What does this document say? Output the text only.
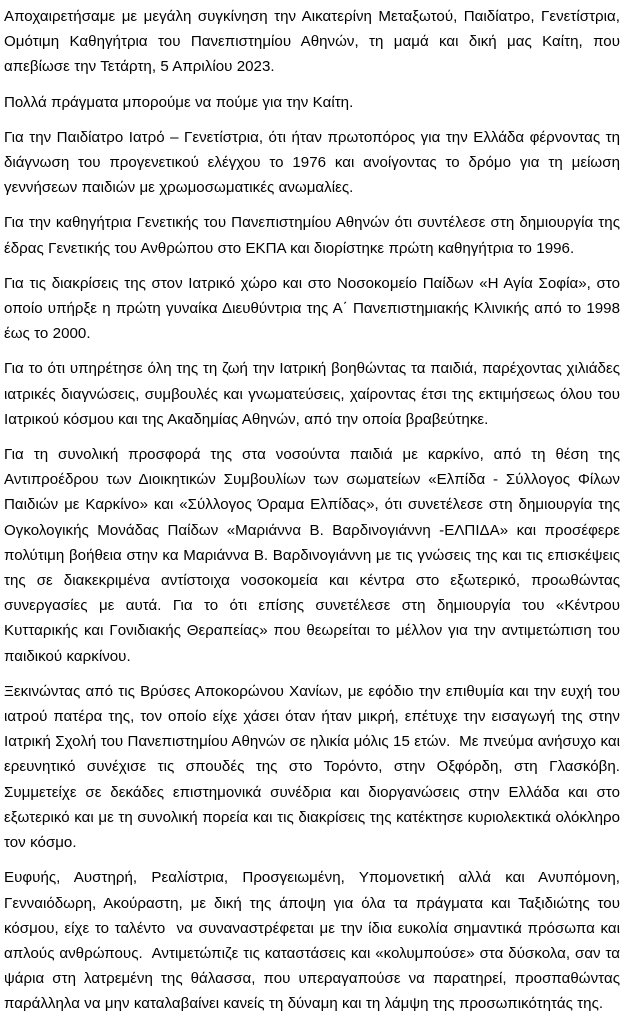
Αποχαιρετήσαμε με μεγάλη συγκίνηση την Αικατερίνη Μεταξωτού, Παιδίατρο, Γενετίστρια, Ομότιμη Καθηγήτρια του Πανεπιστημίου Αθηνών, τη μαμά και δική μας Καίτη, που απεβίωσε την Τετάρτη, 5 Απριλίου 2023.

Πολλά πράγματα μπορούμε να πούμε για την Καίτη.

Για την Παιδίατρο Ιατρό – Γενετίστρια, ότι ήταν πρωτοπόρος για την Ελλάδα φέρνοντας τη διάγνωση του προγενετικού ελέγχου το 1976 και ανοίγοντας το δρόμο για τη μείωση γεννήσεων παιδιών με χρωμοσωματικές ανωμαλίες.

Για την καθηγήτρια Γενετικής του Πανεπιστημίου Αθηνών ότι συντέλεσε στη δημιουργία της έδρας Γενετικής του Ανθρώπου στο ΕΚΠΑ και διορίστηκε πρώτη καθηγήτρια το 1996.

Για τις διακρίσεις της στον Ιατρικό χώρο και στο Νοσοκομείο Παίδων «Η Αγία Σοφία», στο οποίο υπήρξε η πρώτη γυναίκα Διευθύντρια της Α΄ Πανεπιστημιακής Κλινικής από το 1998 έως το 2000.

Για το ότι υπηρέτησε όλη της τη ζωή την Ιατρική βοηθώντας τα παιδιά, παρέχοντας χιλιάδες ιατρικές διαγνώσεις, συμβουλές και γνωματεύσεις, χαίροντας έτσι της εκτιμήσεως όλου του Ιατρικού κόσμου και της Ακαδημίας Αθηνών, από την οποία βραβεύτηκε.

Για τη συνολική προσφορά της στα νοσούντα παιδιά με καρκίνο, από τη θέση της Αντιπροέδρου των Διοικητικών Συμβουλίων των σωματείων «Ελπίδα - Σύλλογος Φίλων Παιδιών με Καρκίνο» και «Σύλλογος Όραμα Ελπίδας», ότι συνετέλεσε στη δημιουργία της Ογκολογικής Μονάδας Παίδων «Μαριάννα Β. Βαρδινογιάννη -ΕΛΠΙΔΑ» και προσέφερε πολύτιμη βοήθεια στην κα Μαριάννα Β. Βαρδινογιάννη με τις γνώσεις της και τις επισκέψεις της σε διακεκριμένα αντίστοιχα νοσοκομεία και κέντρα στο εξωτερικό, προωθώντας συνεργασίες με αυτά. Για το ότι επίσης συνετέλεσε στη δημιουργία του «Κέντρου Κυτταρικής και Γονιδιακής Θεραπείας» που θεωρείται το μέλλον για την αντιμετώπιση του παιδικού καρκίνου.

Ξεκινώντας από τις Βρύσες Αποκορώνου Χανίων, με εφόδιο την επιθυμία και την ευχή του ιατρού πατέρα της, τον οποίο είχε χάσει όταν ήταν μικρή, επέτυχε την εισαγωγή της στην Ιατρική Σχολή του Πανεπιστημίου Αθηνών σε ηλικία μόλις 15 ετών.  Με πνεύμα ανήσυχο και ερευνητικό συνέχισε τις σπουδές της στο Τορόντο, στην Οξφόρδη, στη Γλασκόβη. Συμμετείχε σε δεκάδες επιστημονικά συνέδρια και διοργανώσεις στην Ελλάδα και στο εξωτερικό και με τη συνολική πορεία και τις διακρίσεις της κατέκτησε κυριολεκτικά ολόκληρο τον κόσμο.

Ευφυής, Αυστηρή, Ρεαλίστρια, Προσγειωμένη, Υπομονετική αλλά και Ανυπόμονη, Γενναιόδωρη, Ακούραστη, με δική της άποψη για όλα τα πράγματα και Ταξιδιώτης του κόσμου, είχε το ταλέντο  να συναναστρέφεται με την ίδια ευκολία σημαντικά πρόσωπα και απλούς ανθρώπους.  Αντιμετώπιζε τις καταστάσεις και «κολυμπούσε» στα δύσκολα, σαν τα ψάρια στη λατρεμένη της θάλασσα, που υπεραγαπούσε να παρατηρεί, προσπαθώντας παράλληλα να μην καταλαβαίνει κανείς τη δύναμη και τη λάμψη της προσωπικότητάς της.
